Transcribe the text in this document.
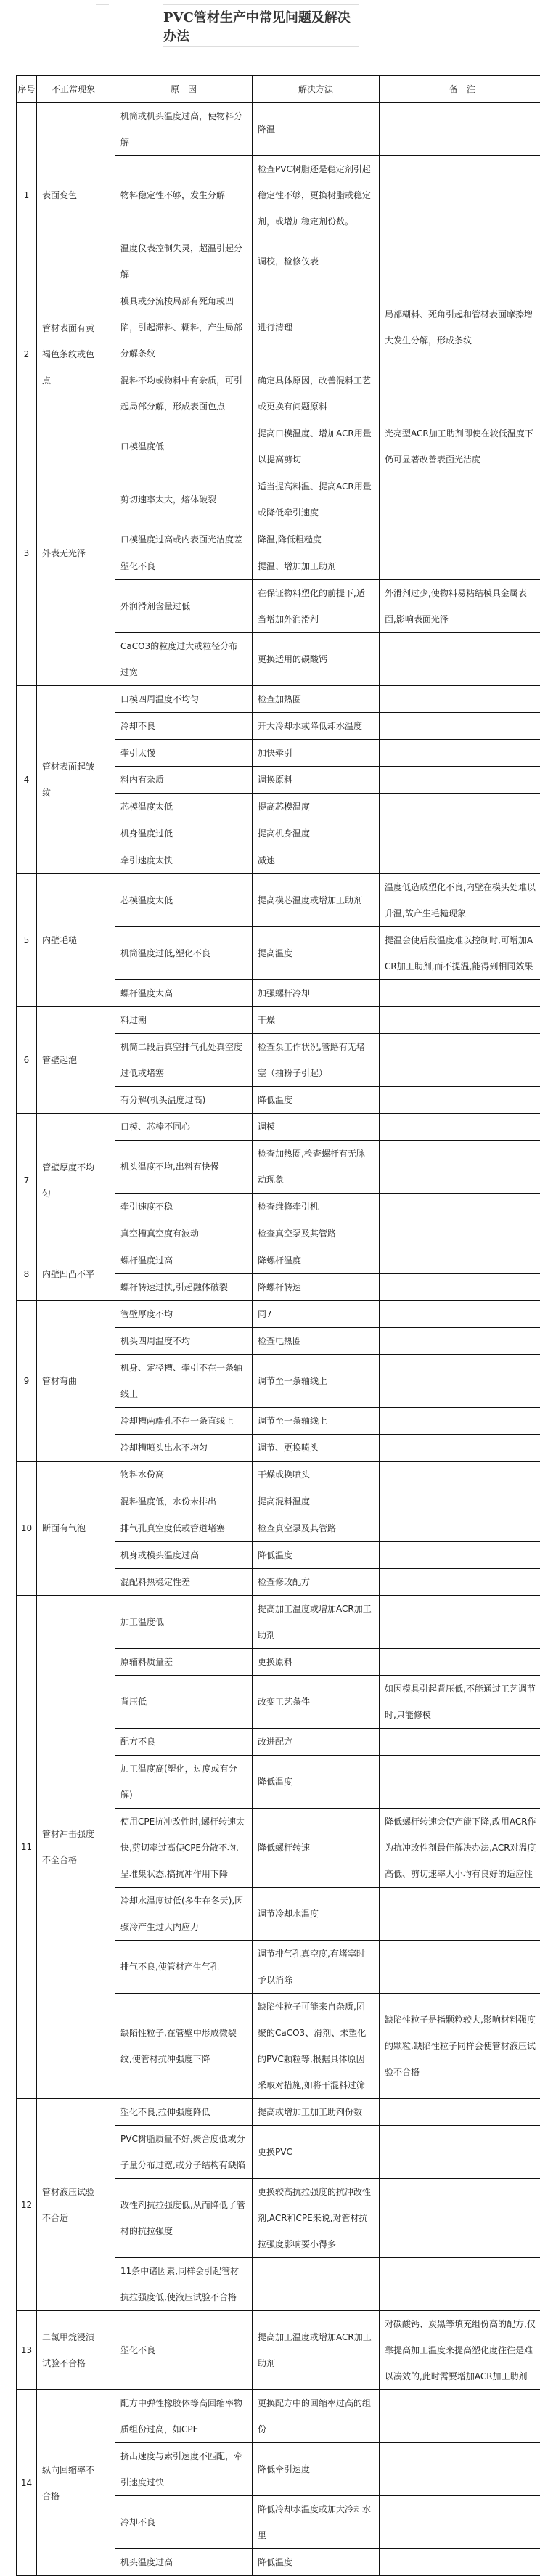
PVC管材生产中常见问题及解决办法
序号	不正常现象	原　因	解决方法	备　注
1	表面变色	机筒或机头温度过高，使物料分解	降温	
		物料稳定性不够，发生分解	检查PVC树脂还是稳定剂引起稳定性不够，更换树脂或稳定剂，或增加稳定剂份数。	
		温度仪表控制失灵，超温引起分解	调校，检修仪表	
2	管材表面有黄褐色条纹或色点	模具或分流梭局部有死角或凹陷，引起滞料、糊料，产生局部分解条纹	进行清理	局部糊料、死角引起和管材表面摩擦增大发生分解，形成条纹
		混料不均或物料中有杂质，可引起局部分解，形成表面色点	确定具体原因，改善混料工艺或更换有问题原料	
3	外表无光泽	口模温度低	提高口模温度、增加ACR用量以提高剪切	光亮型ACR加工助剂即使在较低温度下仍可显著改善表面光洁度
		剪切速率太大，熔体破裂	适当提高料温、提高ACR用量或降低牵引速度	
		口模温度过高或内表面光洁度差	降温,降低粗糙度	
		塑化不良	提温、增加加工助剂	
		外润滑剂含量过低	在保证物料塑化的前提下,适当增加外润滑剂	外滑剂过少,使物料易粘结模具金属表面,影响表面光泽
		CaCO3的粒度过大或粒径分布过宽	更换适用的碳酸钙	
4	管材表面起皱纹	口模四周温度不均匀	检查加热圈	
		冷却不良	开大冷却水或降低却水温度	
		牵引太慢	加快牵引	
		料内有杂质	调换原料	
		芯模温度太低	提高芯模温度	
		机身温度过低	提高机身温度	
		牵引速度太快	减速	
5	内壁毛糙	芯模温度太低	提高模芯温度或增加工助剂	温度低造成塑化不良,内壁在模头处难以升温,故产生毛糙现象
		机筒温度过低,塑化不良	提高温度	提温会使后段温度难以控制时,可增加ACR加工助剂,而不提温,能得到相同效果
		螺杆温度太高	加强螺杆冷却	
6	管壁起泡	料过潮	干燥	
		机筒二段后真空排气孔处真空度过低或堵塞	检查泵工作状况,管路有无堵塞（抽粉子引起）	
		有分解(机头温度过高)	降低温度	
7	管壁厚度不均匀	口模、芯棒不同心	调模	
		机头温度不均,出料有快慢	检查加热圈,检查螺杆有无脉动现象	
		牵引速度不稳	检查维修牵引机	
		真空槽真空度有波动	检查真空泵及其管路	
8	内壁凹凸不平	螺杆温度过高	降螺杆温度	
		螺杆转速过快,引起融体破裂	降螺杆转速	
9	管材弯曲	管壁厚度不均	同7	
		机头四周温度不均	检查电热圈	
		机身、定径槽、牵引不在一条轴线上	调节至一条轴线上	
		冷却槽两端孔不在一条直线上	调节至一条轴线上	
		冷却槽喷头出水不均匀	调节、更换喷头	
10	断面有气泡	物料水份高	干燥或换喷头	
		混料温度低，水份未排出	提高混料温度	
		排气孔真空度低或管道堵塞	检查真空泵及其管路	
		机身或模头温度过高	降低温度	
		混配料热稳定性差	检查修改配方	
11	管材冲击强度不全合格	加工温度低	提高加工温度或增加ACR加工助剂	
		原辅料质量差	更换原料	
		背压低	改变工艺条件	如因模具引起背压低,不能通过工艺调节时,只能修模
		配方不良	改进配方	
		加工温度高(塑化，过度或有分解)	降低温度	
		使用CPE抗冲改性时,螺杆转速太快,剪切率过高使CPE分散不均,呈堆集状态,搞抗冲作用下降	降低螺杆转速	降低螺杆转速会使产能下降,改用ACR作为抗冲改性剂最佳解决办法,ACR对温度高低、剪切速率大小均有良好的适应性
		冷却水温度过低(多生在冬天),因骤冷产生过大内应力	调节冷却水温度	
		排气不良,使管材产生气孔	调节排气孔真空度,有堵塞时予以消除	
		缺陷性粒子,在管壁中形成微裂纹,使管材抗冲强度下降	缺陷性粒子可能来自杂质,团聚的CaCO3、滑剂、未塑化的PVC颗粒等,根据具体原因采取对措施,如将干混料过筛	缺陷性粒子是指颗粒较大,影响材料强度的颗粒.缺陷性粒子同样会使管材液压试验不合格
12	管材液压试验不合适	塑化不良,拉伸强度降低	提高或增加工加工助剂份数	
		PVC树脂质量不好,聚合度低或分子量分布过宽,或分子结构有缺陷	更换PVC	
		改性剂抗拉强度低,从而降低了管材的抗拉强度	更换较高抗拉强度的抗冲改性剂,ACR和CPE来说,对管材抗拉强度影响要小得多	
		11条中诸因素,同样会引起管材抗拉强度低,使液压试验不合格		
13	二氯甲烷浸渍试验不合格	塑化不良	提高加工温度或增加ACR加工助剂	对碳酸钙、炭黑等填充组份高的配方,仅靠提高加工温度来提高塑化度往往是难以凑效的,此时需要增加ACR加工助剂
14	纵向回缩率不合格	配方中弹性橡胶体等高回缩率物质组份过高，如CPE	更换配方中的回缩率过高的组份	
		挤出速度与索引速度不匹配，牵引速度过快	降低牵引速度	
		冷却不良	降低冷却水温度或加大冷却水里	
		机头温度过高	降低温度	
